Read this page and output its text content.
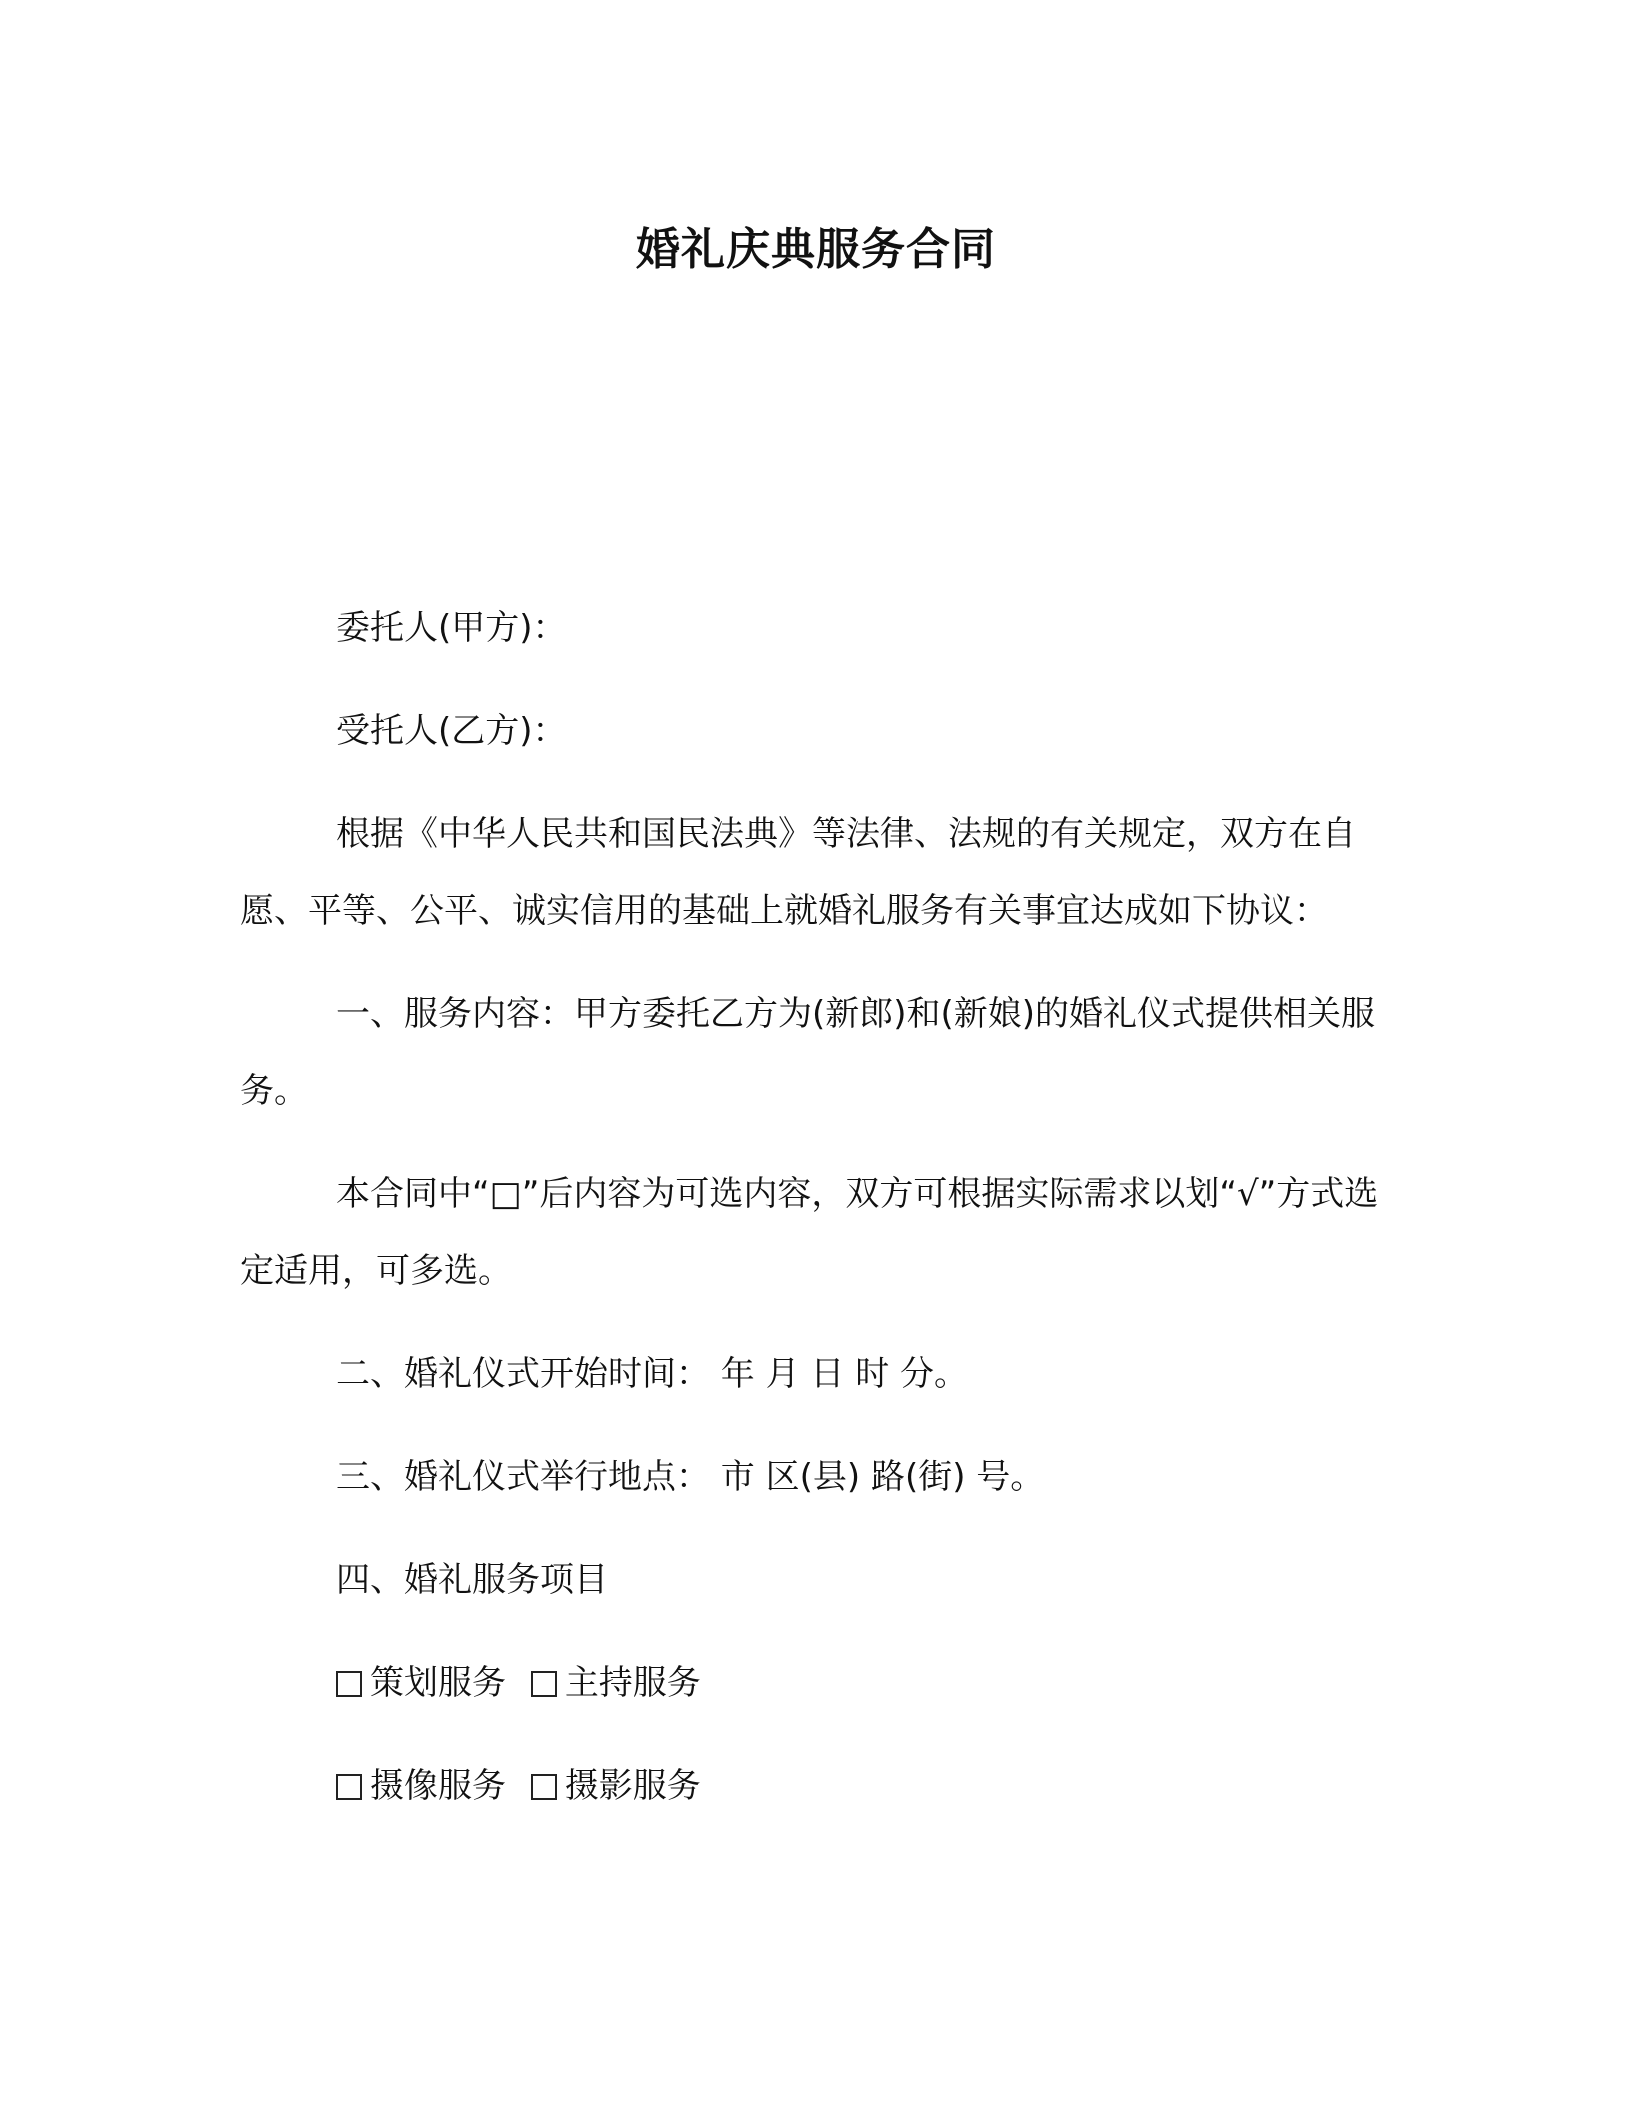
婚礼庆典服务合同

委托人(甲方)：

受托人(乙方)：

根据《中华人民共和国民法典》等法律、法规的有关规定，双方在自愿、平等、公平、诚实信用的基础上就婚礼服务有关事宜达成如下协议：

一、服务内容：甲方委托乙方为(新郎)和(新娘)的婚礼仪式提供相关服务。

本合同中“□”后内容为可选内容，双方可根据实际需求以划“√”方式选定适用，可多选。

二、婚礼仪式开始时间： 年 月 日 时 分。

三、婚礼仪式举行地点： 市 区(县) 路(街) 号。

四、婚礼服务项目

策划服务 主持服务

摄像服务 摄影服务
